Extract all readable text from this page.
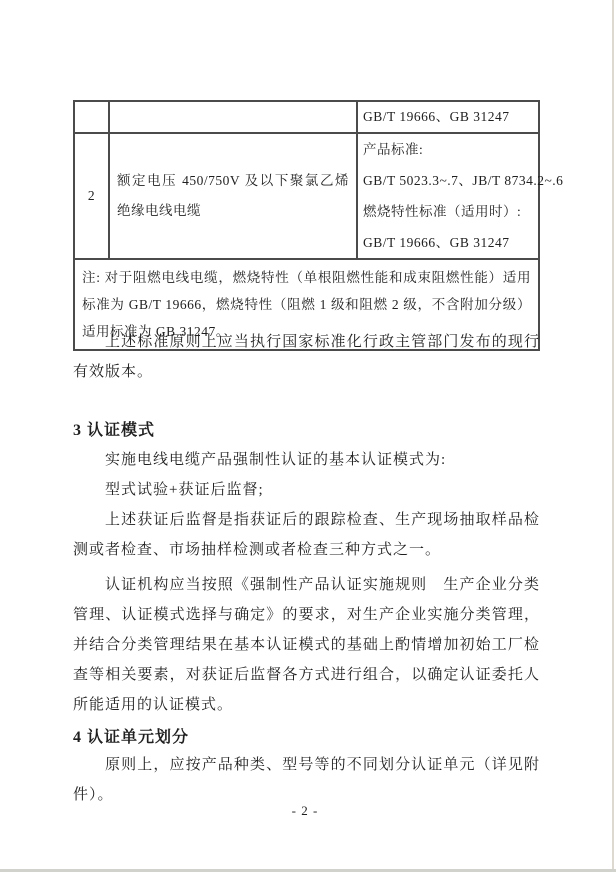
		GB/T 19666、GB 31247

2	额定电压 450/750V 及以下聚氯乙烯绝缘电线电缆	产品标准:
GB/T 5023.3~.7、JB/T 8734.2~.6
燃烧特性标准（适用时）:
GB/T 19666、GB 31247

注: 对于阻燃电线电缆，燃烧特性（单根阻燃性能和成束阻燃性能）适用标准为 GB/T 19666，燃烧特性（阻燃 1 级和阻燃 2 级，不含附加分级）适用标准为 GB 31247。		
上述标准原则上应当执行国家标准化行政主管部门发布的现行有效版本。
3 认证模式
实施电线电缆产品强制性认证的基本认证模式为:
型式试验+获证后监督;
上述获证后监督是指获证后的跟踪检查、生产现场抽取样品检测或者检查、市场抽样检测或者检查三种方式之一。
认证机构应当按照《强制性产品认证实施规则　生产企业分类管理、认证模式选择与确定》的要求，对生产企业实施分类管理，并结合分类管理结果在基本认证模式的基础上酌情增加初始工厂检查等相关要素，对获证后监督各方式进行组合，以确定认证委托人所能适用的认证模式。
4 认证单元划分
原则上，应按产品种类、型号等的不同划分认证单元（详见附件）。
- 2 -
